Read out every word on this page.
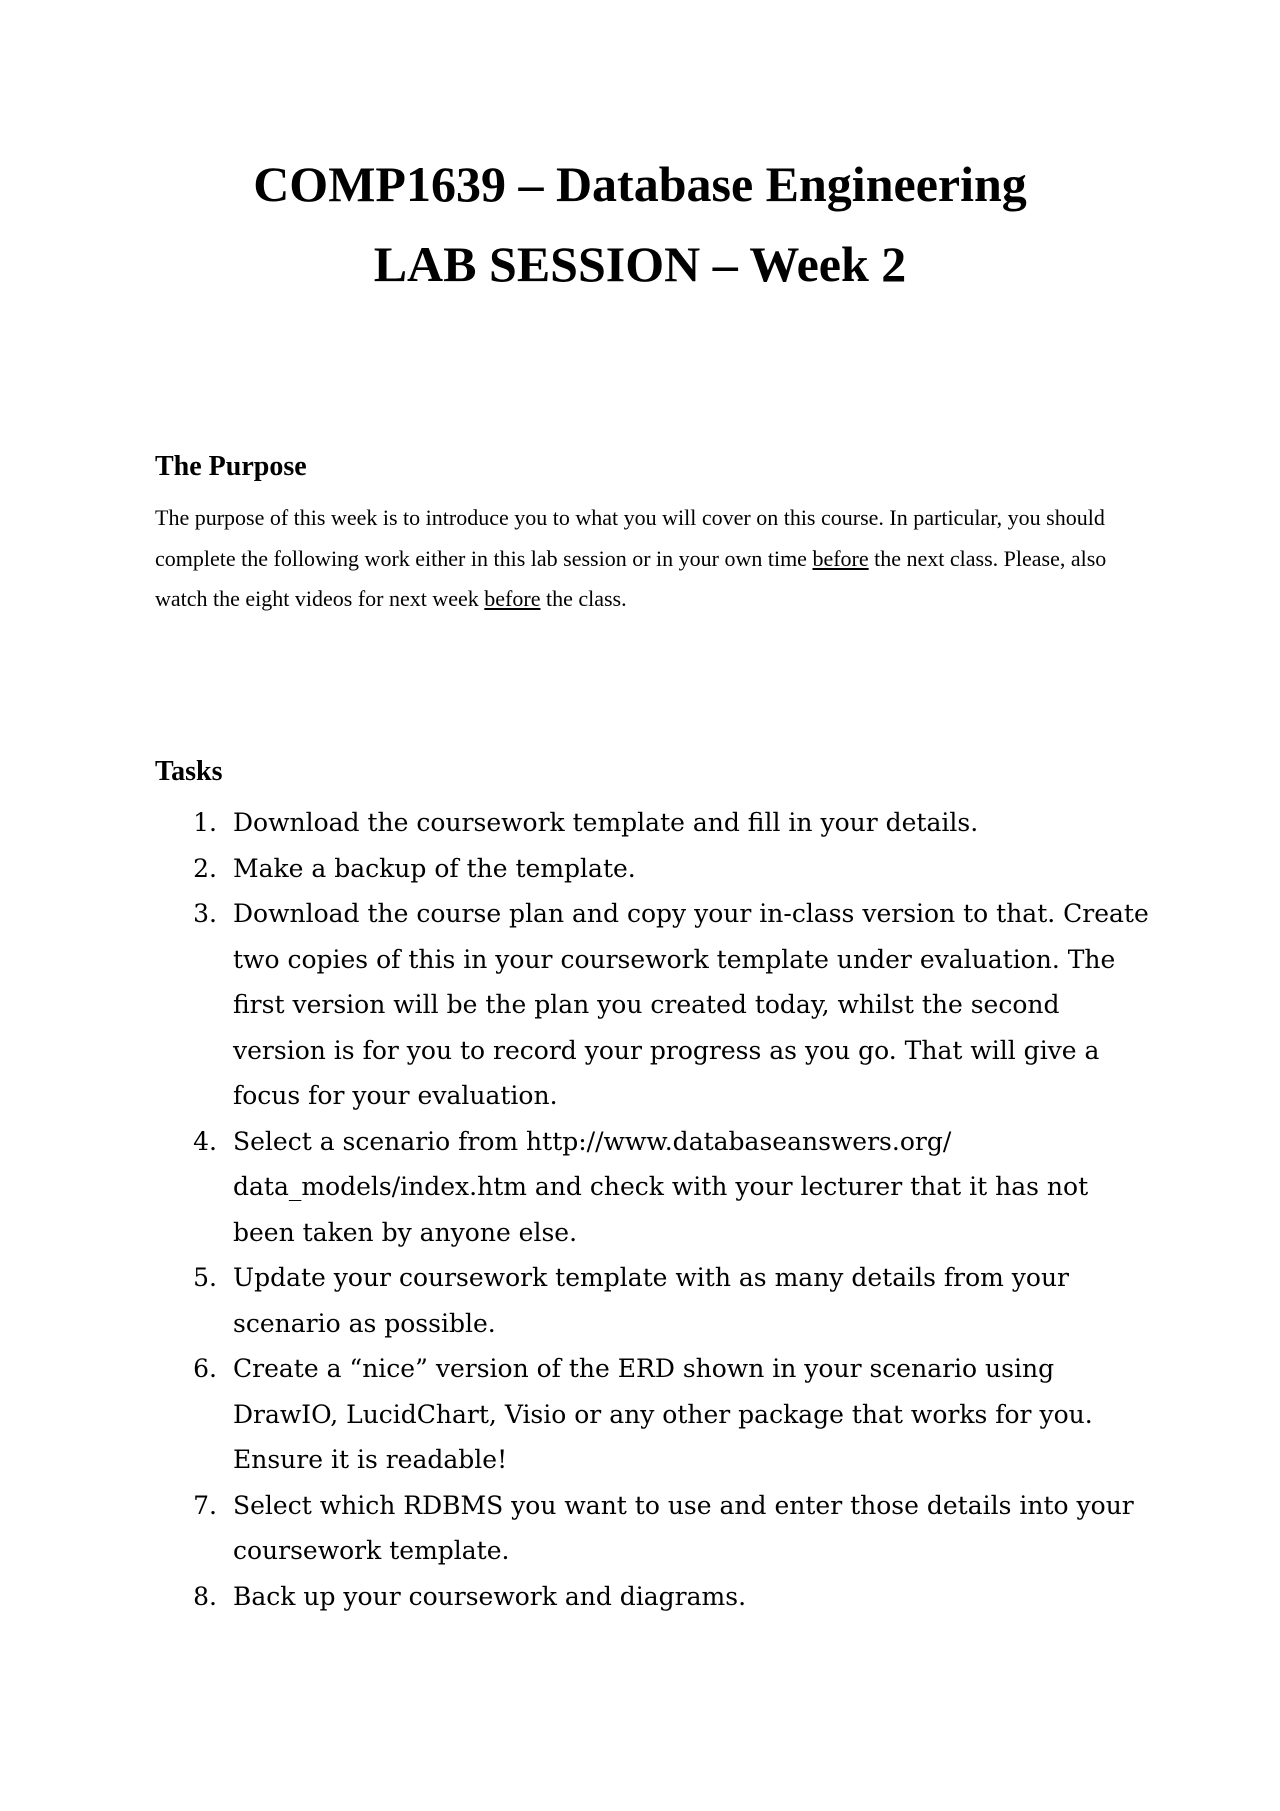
COMP1639 – Database Engineering
LAB SESSION – Week 2
The Purpose

The purpose of this week is to introduce you to what you will cover on this course. In particular, you should complete the following work either in this lab session or in your own time before the next class. Please, also watch the eight videos for next week before the class.

Tasks
1. Download the coursework template and fill in your details.
2. Make a backup of the template.
3. Download the course plan and copy your in-class version to that. Create two copies of this in your coursework template under evaluation. The first version will be the plan you created today, whilst the second version is for you to record your progress as you go. That will give a focus for your evaluation.
4. Select a scenario from http://www.databaseanswers.org/ data_models/index.htm and check with your lecturer that it has not been taken by anyone else.
5. Update your coursework template with as many details from your scenario as possible.
6. Create a “nice” version of the ERD shown in your scenario using DrawIO, LucidChart, Visio or any other package that works for you. Ensure it is readable!
7. Select which RDBMS you want to use and enter those details into your coursework template.
8. Back up your coursework and diagrams.
